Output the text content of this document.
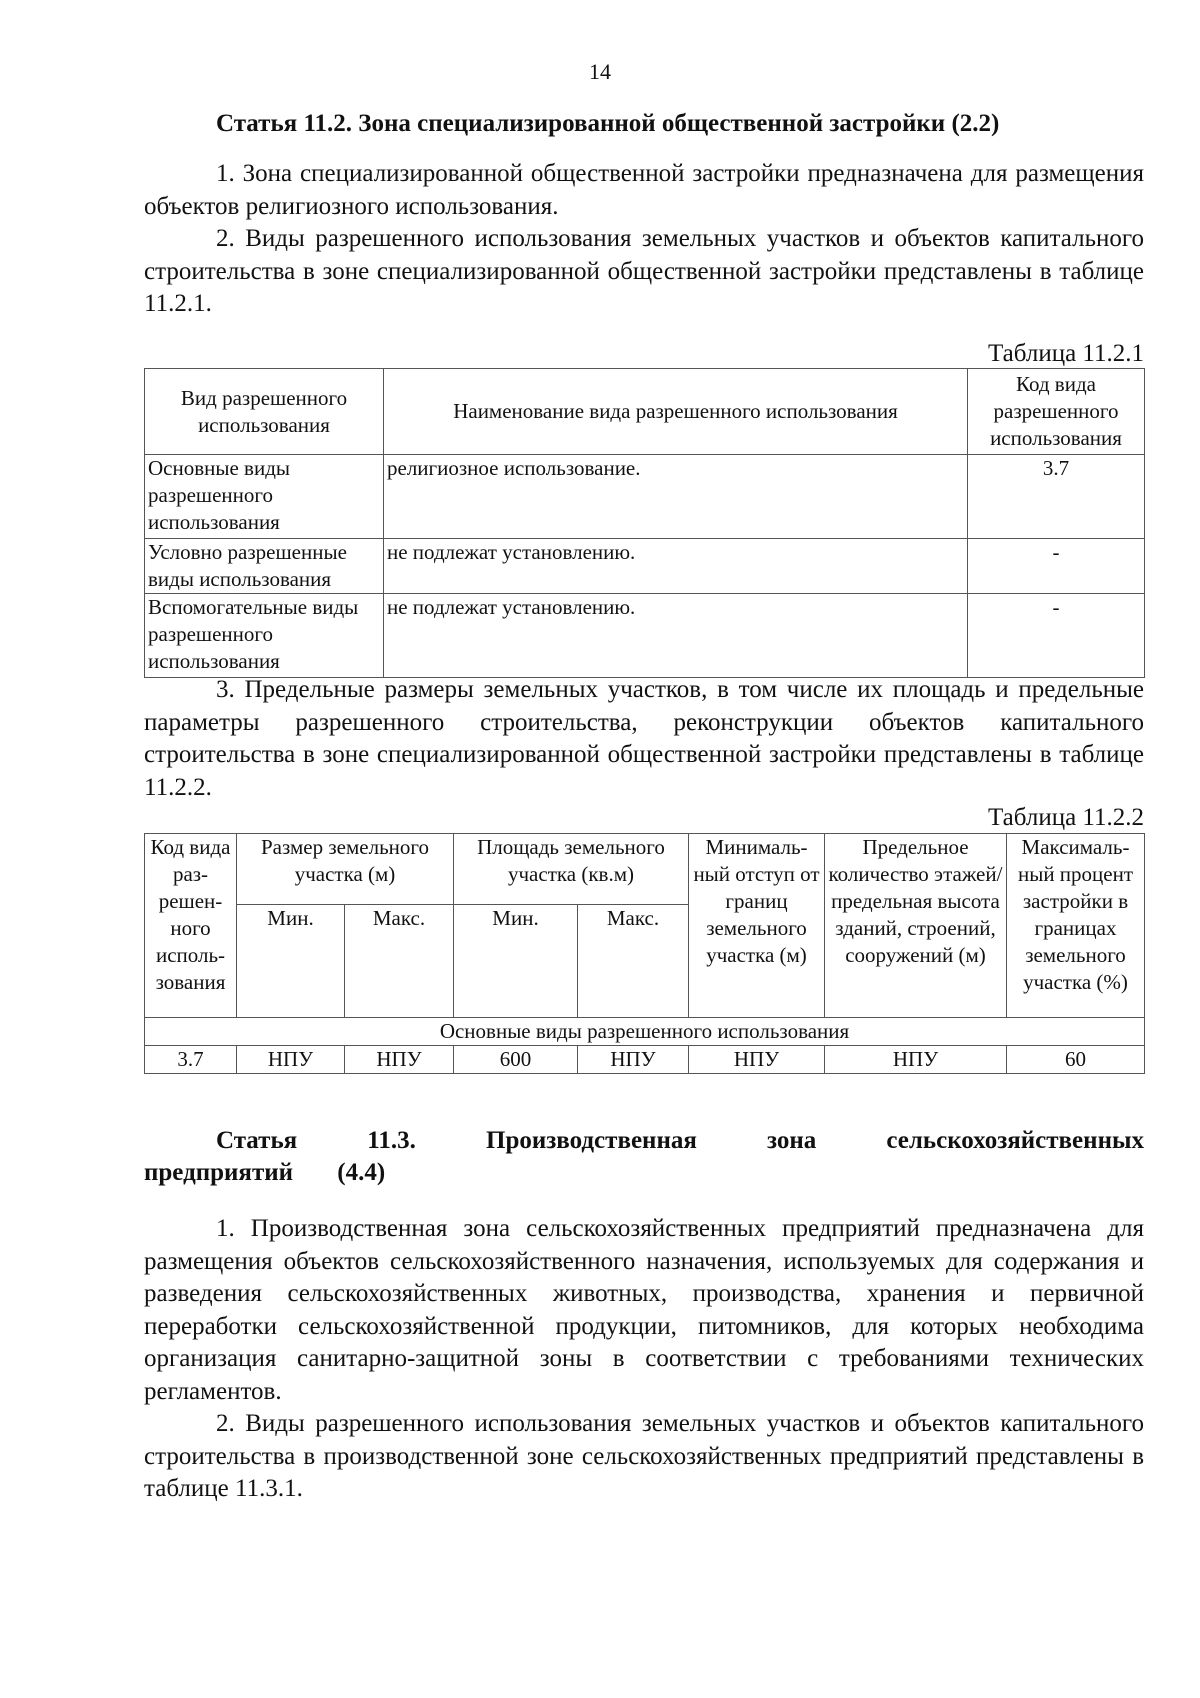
14
Статья 11.2. Зона специализированной общественной застройки (2.2)

1. Зона специализированной общественной застройки предназначена для размещения объектов религиозного использования.

2. Виды разрешенного использования земельных участков и объектов капитального строительства в зоне специализированной общественной застройки представлены в таблице 11.2.1.

Таблица 11.2.1
Вид разрешенного использования	Наименование вида разрешенного использования	Код вида разрешенного использования
Основные виды разрешенного использования	религиозное использование.	3.7
Условно разрешенные виды использования	не подлежат установлению.	-
Вспомогательные виды разрешенного использования	не подлежат установлению.	-

3. Предельные размеры земельных участков, в том числе их площадь и предельные параметры разрешенного строительства, реконструкции объектов капитального строительства в зоне специализированной общественной застройки представлены в таблице 11.2.2.

Таблица 11.2.2
Код вида раз-решен-ного исполь-зования	Размер земельного участка (м)		Площадь земельного участка (кв.м)		Минималь-ный отступ от границ земельного участка (м)	Предельное количество этажей/ предельная высота зданий, строений, сооружений (м)	Максималь-ный процент застройки в границах земельного участка (%)
	Мин.	Макс.	Мин.	Макс.			
Основные виды разрешенного использования							
3.7	НПУ	НПУ	600	НПУ	НПУ	НПУ	60
Статья 11.3. Производственная зона сельскохозяйственных предприятий (4.4)

1. Производственная зона сельскохозяйственных предприятий предназначена для размещения объектов сельскохозяйственного назначения, используемых для содержания и разведения сельскохозяйственных животных, производства, хранения и первичной переработки сельскохозяйственной продукции, питомников, для которых необходима организация санитарно-защитной зоны в соответствии с требованиями технических регламентов.

2. Виды разрешенного использования земельных участков и объектов капитального строительства в производственной зоне сельскохозяйственных предприятий представлены в таблице 11.3.1.
